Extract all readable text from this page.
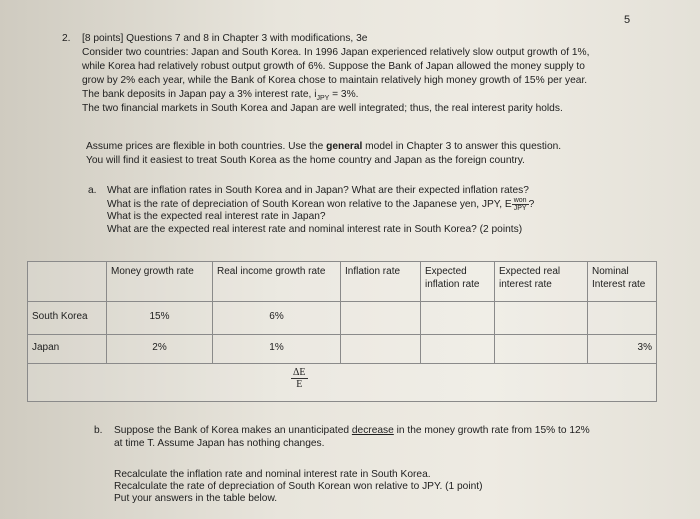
5
2. [8 points] Questions 7 and 8 in Chapter 3 with modifications, 3e
Consider two countries: Japan and South Korea. In 1996 Japan experienced relatively slow output growth of 1%,
while Korea had relatively robust output growth of 6%. Suppose the Bank of Japan allowed the money supply to
grow by 2% each year, while the Bank of Korea chose to maintain relatively high money growth of 15% per year.
The bank deposits in Japan pay a 3% interest rate, $i_{JPY} = 3\%$.
The two financial markets in South Korea and Japan are well integrated; thus, the real interest parity holds.
Assume prices are flexible in both countries. Use the general model in Chapter 3 to answer this question.
You will find it easiest to treat South Korea as the home country and Japan as the foreign country.
a. What are inflation rates in South Korea and in Japan? What are their expected inflation rates?
What is the rate of depreciation of South Korean won relative to the Japanese yen, JPY, E $\frac{\text{won}}{\text{JPY}}$ ?
What is the expected real interest rate in Japan?
What are the expected real interest rate and nominal interest rate in South Korea? (2 points)

	Money growth rate	Real income growth rate	Inflation rate	Expected inflation rate	Expected real interest rate	Nominal Interest rate

South Korea	15%	6%				

Japan	2%	1%				3%

$\frac{\Delta E}{E}$
b. Suppose the Bank of Korea makes an unanticipated decrease in the money growth rate from 15% to 12%
at time T. Assume Japan has nothing changes.
Recalculate the inflation rate and nominal interest rate in South Korea.
Recalculate the rate of depreciation of South Korean won relative to JPY. (1 point)
Put your answers in the table below.
